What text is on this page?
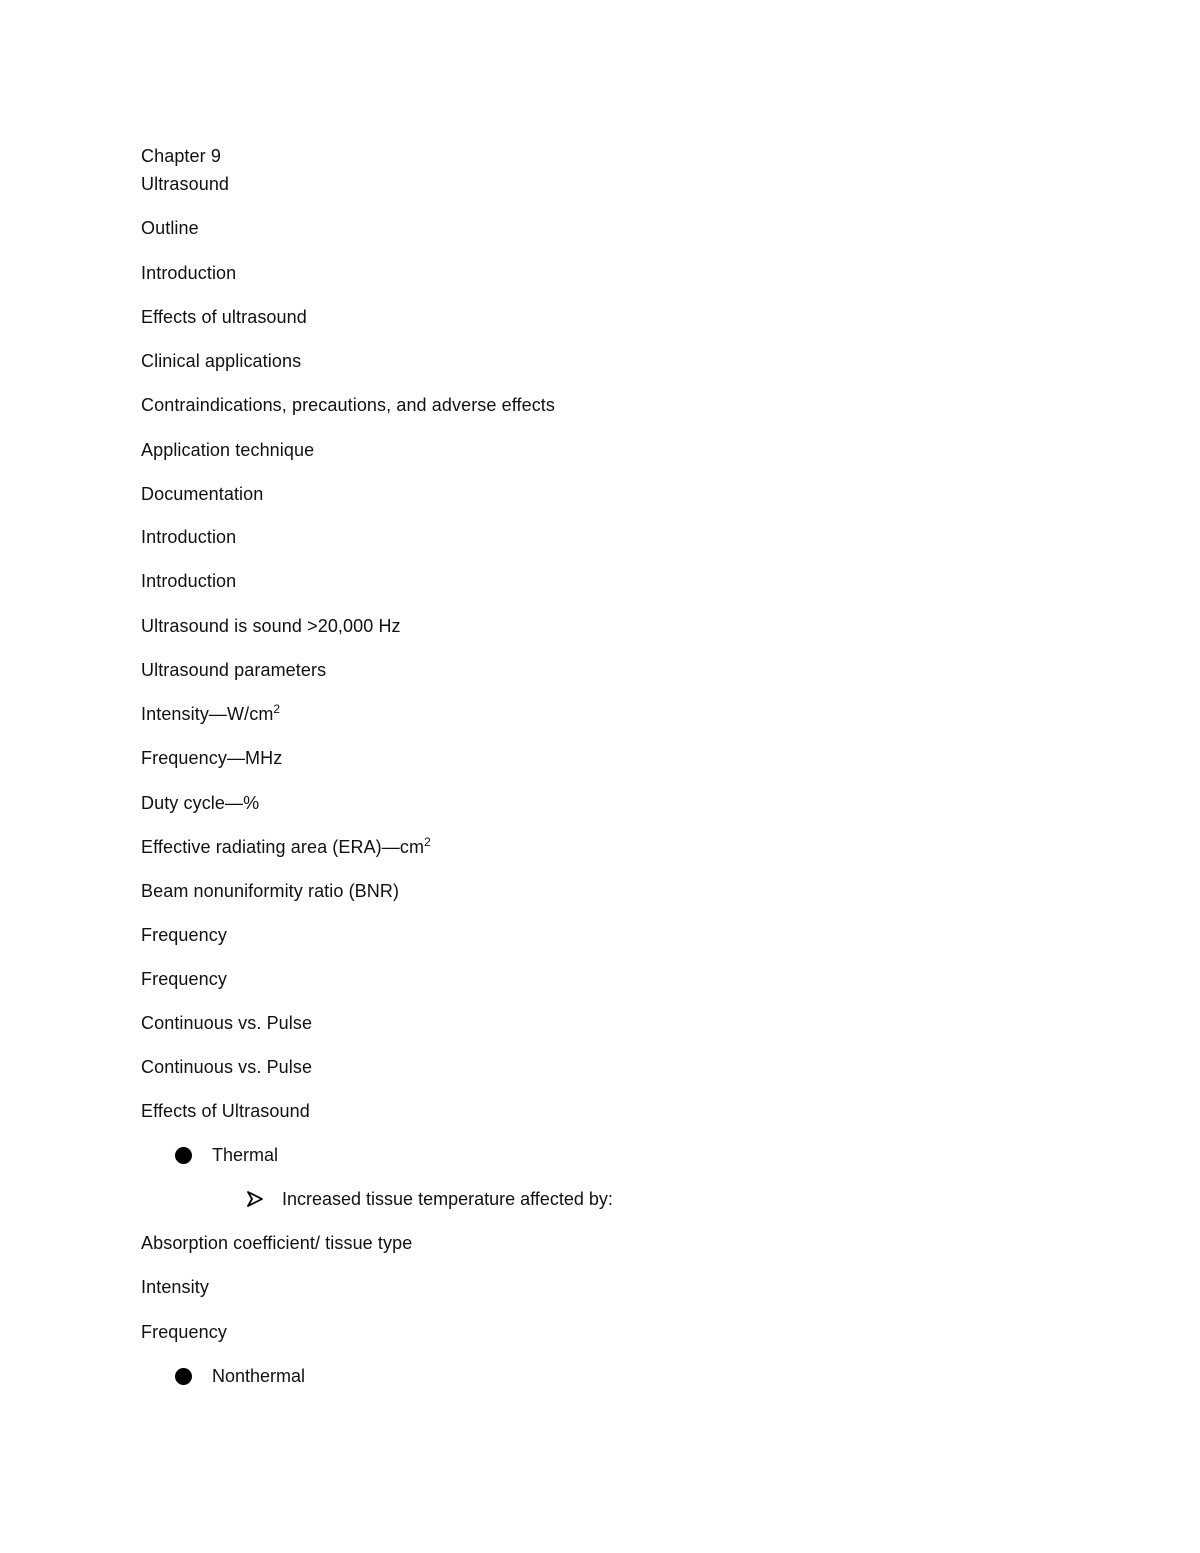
Chapter 9
Ultrasound
Outline
Introduction
Effects of ultrasound
Clinical applications
Contraindications, precautions, and adverse effects
Application technique
Documentation
Introduction
Introduction
Ultrasound is sound >20,000 Hz
Ultrasound parameters
$Intensity—W/cm^2$
Frequency—MHz
Duty cycle—%
Effective radiating area $(ERA)—cm^2$
Beam nonuniformity ratio (BNR)
Frequency
Frequency
Continuous vs. Pulse
Continuous vs. Pulse
Effects of Ultrasound
Thermal
Increased tissue temperature affected by:
Absorption coefficient/ tissue type
Intensity
Frequency
Nonthermal
